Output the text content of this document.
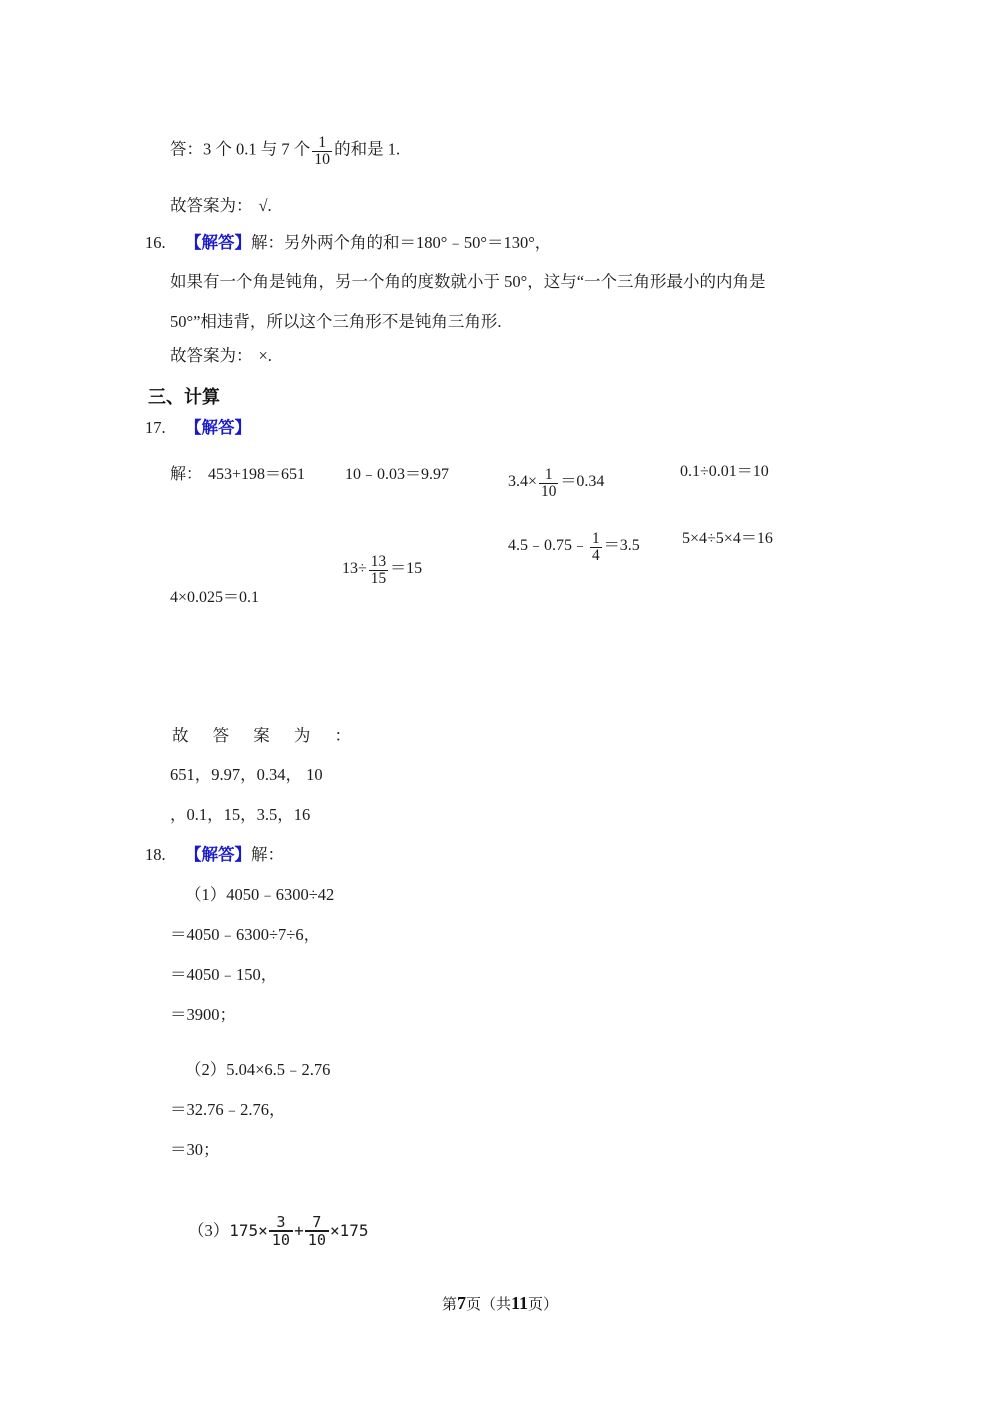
答：3 个 0.1 与 7 个 $\frac{1}{10}$ 的和是 1.
故答案为： √.
16. 【解答】解：另外两个角的和＝180°﹣50°＝130°，
如果有一个角是钝角，另一个角的度数就小于 50°，这与“一个三角形最小的内角是
50°”相违背，所以这个三角形不是钝角三角形.
故答案为： ×.
三、计算
17. 【解答】
解： 453+198＝651 10﹣0.03＝9.97	$3.4\times \frac{1}{10} =0.34$
0.1÷0.01＝10
4.5﹣0.75﹣ $\frac{1}{4} =3.5$	5×4÷5×4＝16
$13\div \frac{13}{15} =15$
4×0.025＝0.1
故 答 案 为 ：
651，9.97，0.34， 10
，0.1，15，3.5，16
18. 【解答】解：
（1）4050﹣6300÷42
＝4050﹣6300÷7÷6，
＝4050﹣150，
＝3900；
（2）5.04×6.5﹣2.76
＝32.76﹣2.76，
＝30；
$(3)175\times \frac{3}{10} + \frac{7}{10} \times 175$
第7页（共11页）
